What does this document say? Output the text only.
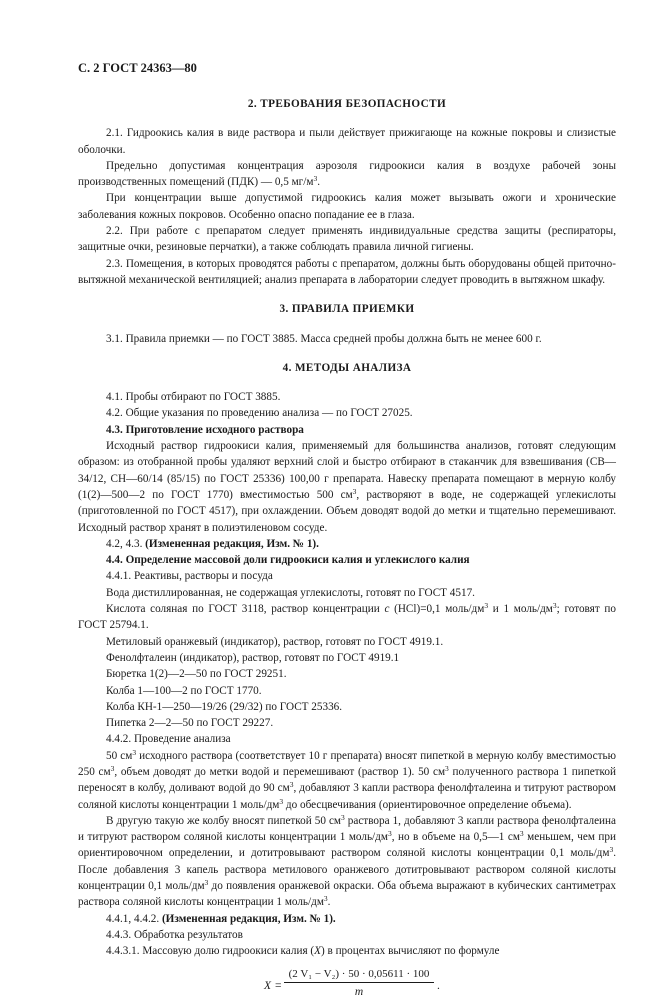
С. 2 ГОСТ 24363—80
2. ТРЕБОВАНИЯ БЕЗОПАСНОСТИ

2.1. Гидроокись калия в виде раствора и пыли действует прижигающе на кожные покровы и слизистые оболочки.

Предельно допустимая концентрация аэрозоля гидроокиси калия в воздухе рабочей зоны производственных помещений (ПДК) — 0,5 $мг/м^3$.

При концентрации выше допустимой гидроокись калия может вызывать ожоги и хронические заболевания кожных покровов. Особенно опасно попадание ее в глаза.

2.2. При работе с препаратом следует применять индивидуальные средства защиты (респираторы, защитные очки, резиновые перчатки), а также соблюдать правила личной гигиены.

2.3. Помещения, в которых проводятся работы с препаратом, должны быть оборудованы общей приточно-вытяжной механической вентиляцией; анализ препарата в лаборатории следует проводить в вытяжном шкафу.

3. ПРАВИЛА ПРИЕМКИ

3.1. Правила приемки — по ГОСТ 3885. Масса средней пробы должна быть не менее 600 г.

4. МЕТОДЫ АНАЛИЗА

4.1. Пробы отбирают по ГОСТ 3885.

4.2. Общие указания по проведению анализа — по ГОСТ 27025.

4.3. Приготовление исходного раствора

Исходный раствор гидроокиси калия, применяемый для большинства анализов, готовят следующим образом: из отобранной пробы удаляют верхний слой и быстро отбирают в стаканчик для взвешивания (СВ—34/12, СН—60/14 (85/15) по ГОСТ 25336) 100,00 г препарата. Навеску препарата помещают в мерную колбу (1(2)—500—2 по ГОСТ 1770) вместимостью 500 $см^3$, растворяют в воде, не содержащей углекислоты (приготовленной по ГОСТ 4517), при охлаждении. Объем доводят водой до метки и тщательно перемешивают. Исходный раствор хранят в полиэтиленовом сосуде.

4.2, 4.3. (Измененная редакция, Изм. № 1).

4.4. Определение массовой доли гидроокиси калия и углекислого калия

4.4.1. Реактивы, растворы и посуда

Вода дистиллированная, не содержащая углекислоты, готовят по ГОСТ 4517.

Кислота соляная по ГОСТ 3118, раствор концентрации c (HCl)=0,1 моль/$дм^3$ и 1 моль/$дм^3$; готовят по ГОСТ 25794.1.

Метиловый оранжевый (индикатор), раствор, готовят по ГОСТ 4919.1.

Фенолфталеин (индикатор), раствор, готовят по ГОСТ 4919.1

Бюретка 1(2)—2—50 по ГОСТ 29251.

Колба 1—100—2 по ГОСТ 1770.

Колба КН-1—250—19/26 (29/32) по ГОСТ 25336.

Пипетка 2—2—50 по ГОСТ 29227.

4.4.2. Проведение анализа

50 $см^3$ исходного раствора (соответствует 10 г препарата) вносят пипеткой в мерную колбу вместимостью 250 $см^3$, объем доводят до метки водой и перемешивают (раствор 1). 50 $см^3$ полученного раствора 1 пипеткой переносят в колбу, доливают водой до 90 $см^3$, добавляют 3 капли раствора фенолфталеина и титруют раствором соляной кислоты концентрации 1 моль/$дм^3$ до обесцвечивания (ориентировочное определение объема).

В другую такую же колбу вносят пипеткой 50 $см^3$ раствора 1, добавляют 3 капли раствора фенолфталеина и титруют раствором соляной кислоты концентрации 1 моль/$дм^3$, но в объеме на 0,5—1 $см^3$ меньшем, чем при ориентировочном определении, и дотитровывают раствором соляной кислоты концентрации 0,1 моль/$дм^3$. После добавления 3 капель раствора метилового оранжевого дотитровывают раствором соляной кислоты концентрации 0,1 моль/$дм^3$ до появления оранжевой окраски. Оба объема выражают в кубических сантиметрах раствора соляной кислоты концентрации 1 моль/$дм^3$.

4.4.1, 4.4.2. (Измененная редакция, Изм. № 1).

4.4.3. Обработка результатов

4.4.3.1. Массовую долю гидроокиси калия (X) в процентах вычисляют по формуле

X =
(2 V₁ − V₂) · 50 · 0,05611 · 100
m	.
